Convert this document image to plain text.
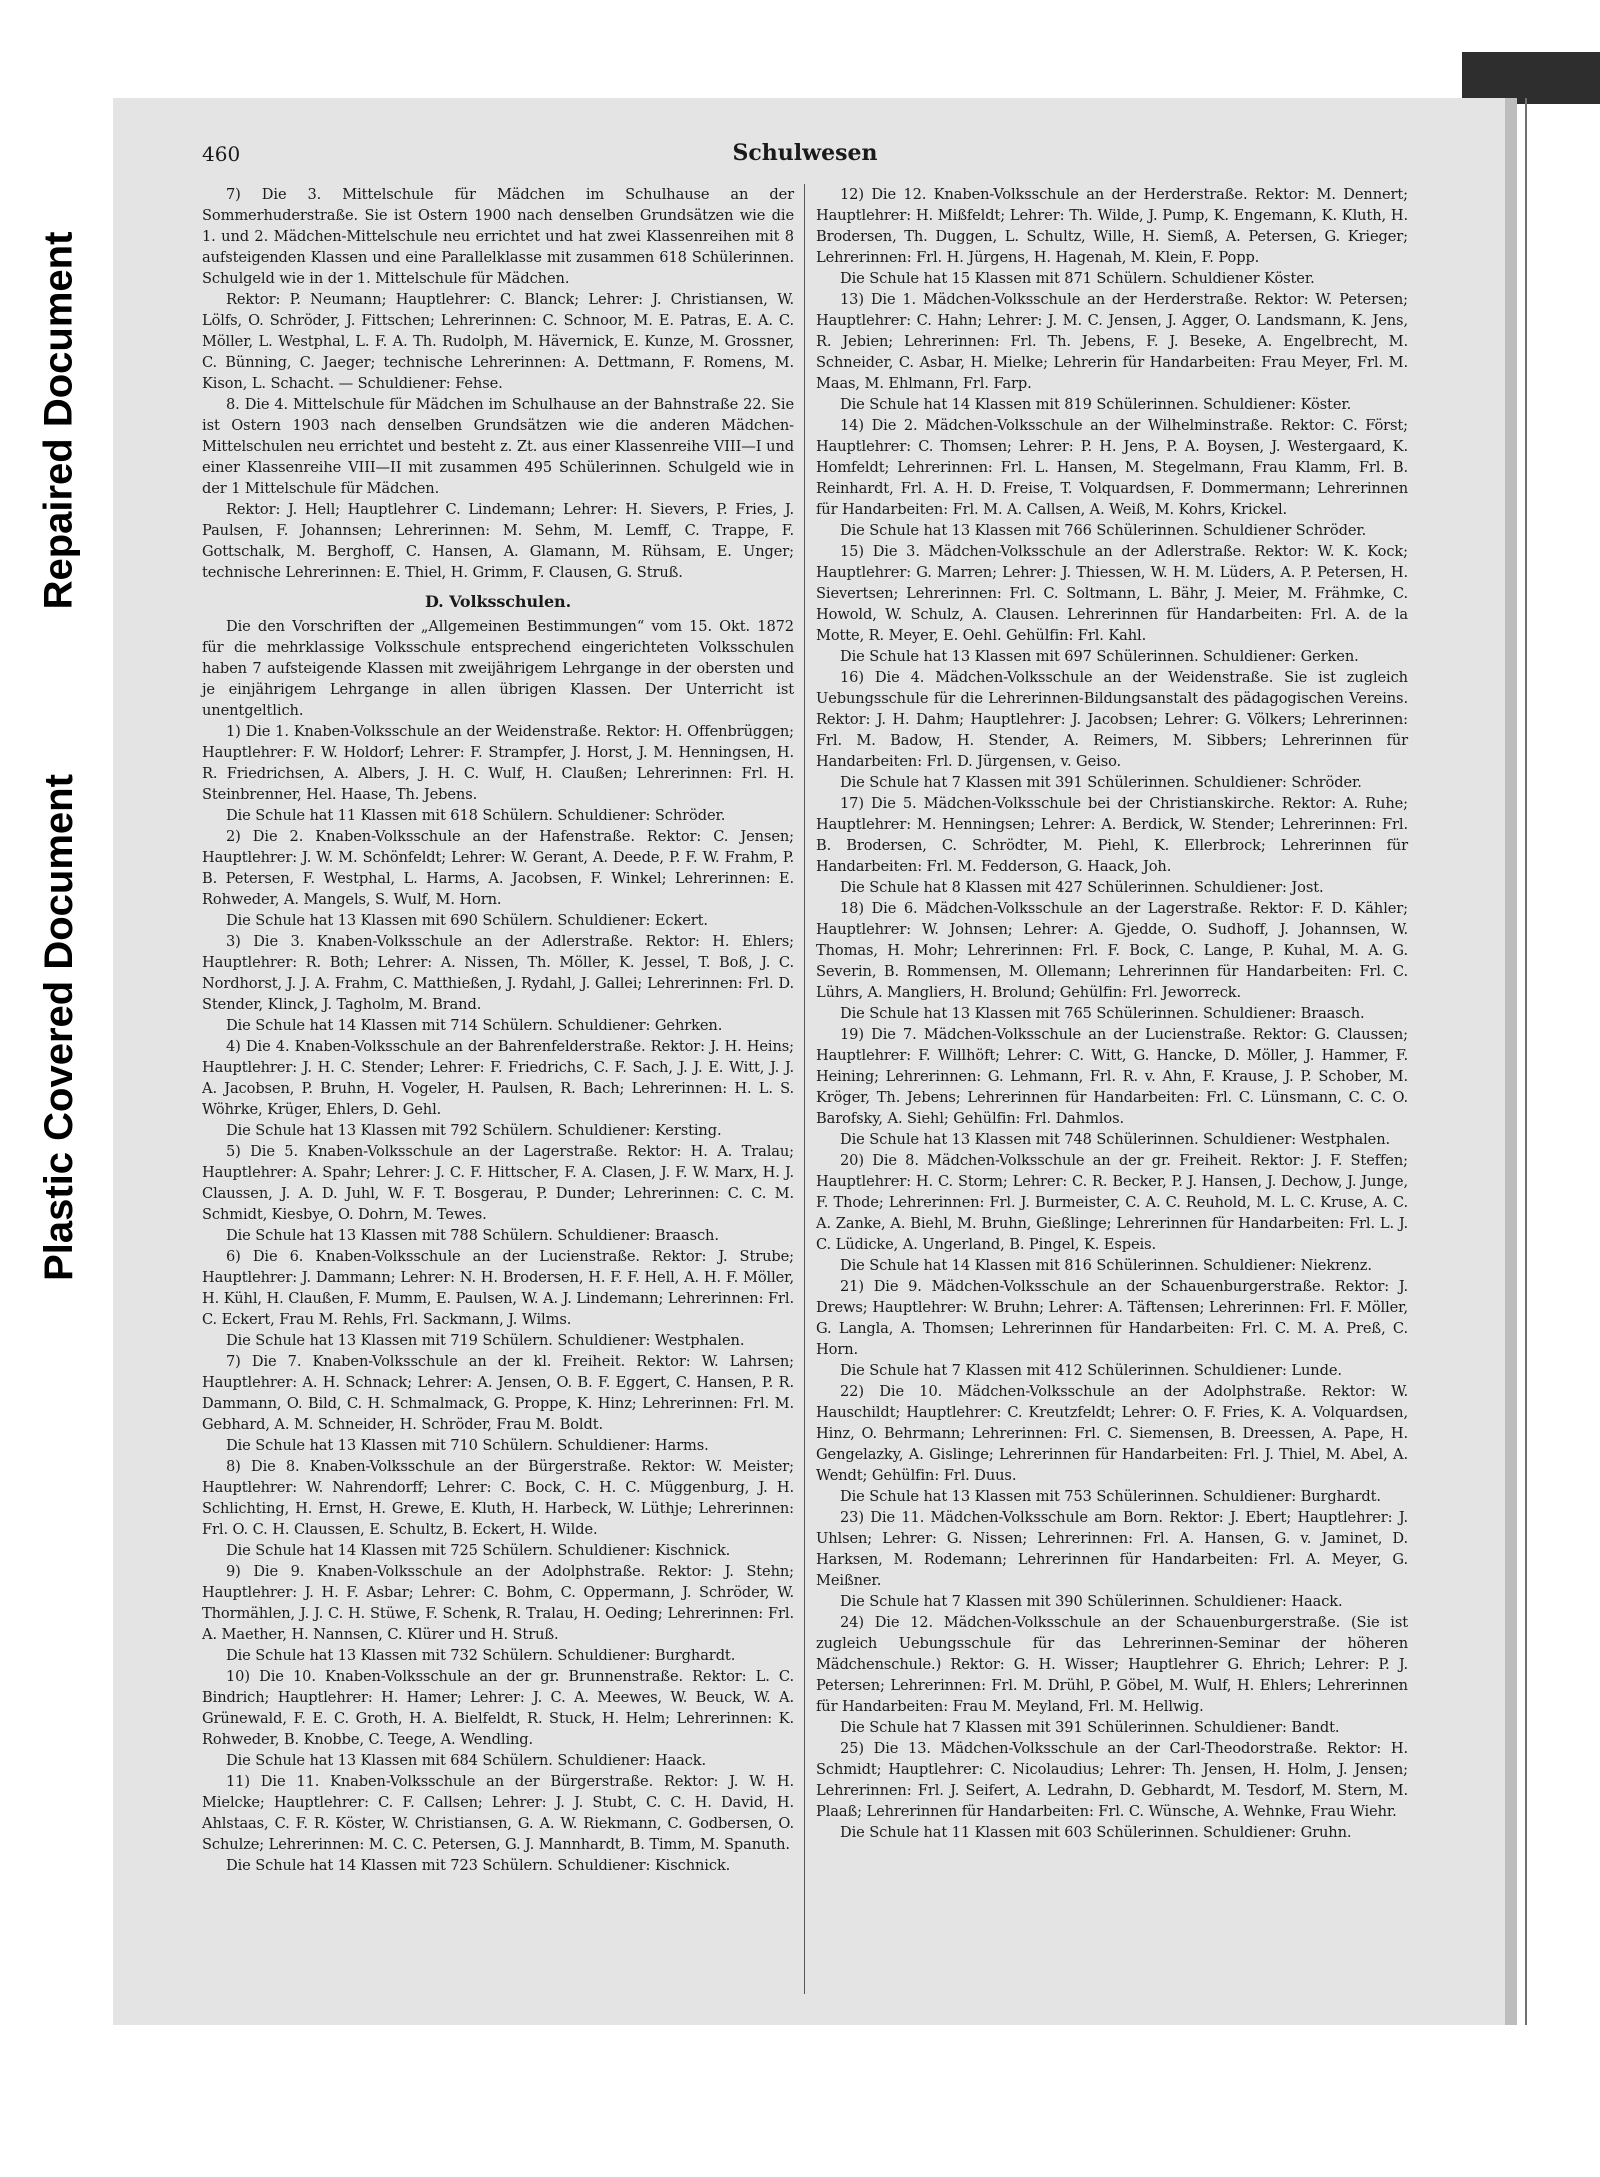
Repaired Document
Plastic Covered Document
460	Schulwesen

7) Die 3. Mittelschule für Mädchen im Schulhause an der Sommerhuderstraße. Sie ist Ostern 1900 nach denselben Grundsätzen wie die 1. und 2. Mädchen-Mittelschule neu errichtet und hat zwei Klassenreihen mit 8 aufsteigenden Klassen und eine Parallelklasse mit zusammen 618 Schülerinnen. Schulgeld wie in der 1. Mittelschule für Mädchen.

Rektor: P. Neumann; Hauptlehrer: C. Blanck; Lehrer: J. Christiansen, W. Lölfs, O. Schröder, J. Fittschen; Lehrerinnen: C. Schnoor, M. E. Patras, E. A. C. Möller, L. Westphal, L. F. A. Th. Rudolph, M. Hävernick, E. Kunze, M. Grossner, C. Bünning, C. Jaeger; technische Lehrerinnen: A. Dettmann, F. Romens, M. Kison, L. Schacht. — Schuldiener: Fehse.

8. Die 4. Mittelschule für Mädchen im Schulhause an der Bahnstraße 22. Sie ist Ostern 1903 nach denselben Grundsätzen wie die anderen Mädchen-Mittelschulen neu errichtet und besteht z. Zt. aus einer Klassenreihe VIII—I und einer Klassenreihe VIII—II mit zusammen 495 Schülerinnen. Schulgeld wie in der 1 Mittelschule für Mädchen.

Rektor: J. Hell; Hauptlehrer C. Lindemann; Lehrer: H. Sievers, P. Fries, J. Paulsen, F. Johannsen; Lehrerinnen: M. Sehm, M. Lemff, C. Trappe, F. Gottschalk, M. Berghoff, C. Hansen, A. Glamann, M. Rühsam, E. Unger; technische Lehrerinnen: E. Thiel, H. Grimm, F. Clausen, G. Struß.

D. Volksschulen.

Die den Vorschriften der „Allgemeinen Bestimmungen“ vom 15. Okt. 1872 für die mehrklassige Volksschule entsprechend eingerichteten Volksschulen haben 7 aufsteigende Klassen mit zweijährigem Lehrgange in der obersten und je einjährigem Lehrgange in allen übrigen Klassen. Der Unterricht ist unentgeltlich.

1) Die 1. Knaben-Volksschule an der Weidenstraße. Rektor: H. Offenbrüggen; Hauptlehrer: F. W. Holdorf; Lehrer: F. Strampfer, J. Horst, J. M. Henningsen, H. R. Friedrichsen, A. Albers, J. H. C. Wulf, H. Claußen; Lehrerinnen: Frl. H. Steinbrenner, Hel. Haase, Th. Jebens.

Die Schule hat 11 Klassen mit 618 Schülern. Schuldiener: Schröder.

2) Die 2. Knaben-Volksschule an der Hafenstraße. Rektor: C. Jensen; Hauptlehrer: J. W. M. Schönfeldt; Lehrer: W. Gerant, A. Deede, P. F. W. Frahm, P. B. Petersen, F. Westphal, L. Harms, A. Jacobsen, F. Winkel; Lehrerinnen: E. Rohweder, A. Mangels, S. Wulf, M. Horn.

Die Schule hat 13 Klassen mit 690 Schülern. Schuldiener: Eckert.

3) Die 3. Knaben-Volksschule an der Adlerstraße. Rektor: H. Ehlers; Hauptlehrer: R. Both; Lehrer: A. Nissen, Th. Möller, K. Jessel, T. Boß, J. C. Nordhorst, J. J. A. Frahm, C. Matthießen, J. Rydahl, J. Gallei; Lehrerinnen: Frl. D. Stender, Klinck, J. Tagholm, M. Brand.

Die Schule hat 14 Klassen mit 714 Schülern. Schuldiener: Gehrken.

4) Die 4. Knaben-Volksschule an der Bahrenfelderstraße. Rektor: J. H. Heins; Hauptlehrer: J. H. C. Stender; Lehrer: F. Friedrichs, C. F. Sach, J. J. E. Witt, J. J. A. Jacobsen, P. Bruhn, H. Vogeler, H. Paulsen, R. Bach; Lehrerinnen: H. L. S. Wöhrke, Krüger, Ehlers, D. Gehl.

Die Schule hat 13 Klassen mit 792 Schülern. Schuldiener: Kersting.

5) Die 5. Knaben-Volksschule an der Lagerstraße. Rektor: H. A. Tralau; Hauptlehrer: A. Spahr; Lehrer: J. C. F. Hittscher, F. A. Clasen, J. F. W. Marx, H. J. Claussen, J. A. D. Juhl, W. F. T. Bosgerau, P. Dunder; Lehrerinnen: C. C. M. Schmidt, Kiesbye, O. Dohrn, M. Tewes.

Die Schule hat 13 Klassen mit 788 Schülern. Schuldiener: Braasch.

6) Die 6. Knaben-Volksschule an der Lucienstraße. Rektor: J. Strube; Hauptlehrer: J. Dammann; Lehrer: N. H. Brodersen, H. F. F. Hell, A. H. F. Möller, H. Kühl, H. Claußen, F. Mumm, E. Paulsen, W. A. J. Lindemann; Lehrerinnen: Frl. C. Eckert, Frau M. Rehls, Frl. Sackmann, J. Wilms.

Die Schule hat 13 Klassen mit 719 Schülern. Schuldiener: Westphalen.

7) Die 7. Knaben-Volksschule an der kl. Freiheit. Rektor: W. Lahrsen; Hauptlehrer: A. H. Schnack; Lehrer: A. Jensen, O. B. F. Eggert, C. Hansen, P. R. Dammann, O. Bild, C. H. Schmalmack, G. Proppe, K. Hinz; Lehrerinnen: Frl. M. Gebhard, A. M. Schneider, H. Schröder, Frau M. Boldt.

Die Schule hat 13 Klassen mit 710 Schülern. Schuldiener: Harms.

8) Die 8. Knaben-Volksschule an der Bürgerstraße. Rektor: W. Meister; Hauptlehrer: W. Nahrendorff; Lehrer: C. Bock, C. H. C. Müggenburg, J. H. Schlichting, H. Ernst, H. Grewe, E. Kluth, H. Harbeck, W. Lüthje; Lehrerinnen: Frl. O. C. H. Claussen, E. Schultz, B. Eckert, H. Wilde.

Die Schule hat 14 Klassen mit 725 Schülern. Schuldiener: Kischnick.

9) Die 9. Knaben-Volksschule an der Adolphstraße. Rektor: J. Stehn; Hauptlehrer: J. H. F. Asbar; Lehrer: C. Bohm, C. Oppermann, J. Schröder, W. Thormählen, J. J. C. H. Stüwe, F. Schenk, R. Tralau, H. Oeding; Lehrerinnen: Frl. A. Maether, H. Nannsen, C. Klürer und H. Struß.

Die Schule hat 13 Klassen mit 732 Schülern. Schuldiener: Burghardt.

10) Die 10. Knaben-Volksschule an der gr. Brunnenstraße. Rektor: L. C. Bindrich; Hauptlehrer: H. Hamer; Lehrer: J. C. A. Meewes, W. Beuck, W. A. Grünewald, F. E. C. Groth, H. A. Bielfeldt, R. Stuck, H. Helm; Lehrerinnen: K. Rohweder, B. Knobbe, C. Teege, A. Wendling.

Die Schule hat 13 Klassen mit 684 Schülern. Schuldiener: Haack.

11) Die 11. Knaben-Volksschule an der Bürgerstraße. Rektor: J. W. H. Mielcke; Hauptlehrer: C. F. Callsen; Lehrer: J. J. Stubt, C. C. H. David, H. Ahlstaas, C. F. R. Köster, W. Christiansen, G. A. W. Riekmann, C. Godbersen, O. Schulze; Lehrerinnen: M. C. C. Petersen, G. J. Mannhardt, B. Timm, M. Spanuth.

Die Schule hat 14 Klassen mit 723 Schülern. Schuldiener: Kischnick.

12) Die 12. Knaben-Volksschule an der Herderstraße. Rektor: M. Dennert; Hauptlehrer: H. Mißfeldt; Lehrer: Th. Wilde, J. Pump, K. Engemann, K. Kluth, H. Brodersen, Th. Duggen, L. Schultz, Wille, H. Siemß, A. Petersen, G. Krieger; Lehrerinnen: Frl. H. Jürgens, H. Hagenah, M. Klein, F. Popp.

Die Schule hat 15 Klassen mit 871 Schülern. Schuldiener Köster.

13) Die 1. Mädchen-Volksschule an der Herderstraße. Rektor: W. Petersen; Hauptlehrer: C. Hahn; Lehrer: J. M. C. Jensen, J. Agger, O. Landsmann, K. Jens, R. Jebien; Lehrerinnen: Frl. Th. Jebens, F. J. Beseke, A. Engelbrecht, M. Schneider, C. Asbar, H. Mielke; Lehrerin für Handarbeiten: Frau Meyer, Frl. M. Maas, M. Ehlmann, Frl. Farp.

Die Schule hat 14 Klassen mit 819 Schülerinnen. Schuldiener: Köster.

14) Die 2. Mädchen-Volksschule an der Wilhelminstraße. Rektor: C. Först; Hauptlehrer: C. Thomsen; Lehrer: P. H. Jens, P. A. Boysen, J. Westergaard, K. Homfeldt; Lehrerinnen: Frl. L. Hansen, M. Stegelmann, Frau Klamm, Frl. B. Reinhardt, Frl. A. H. D. Freise, T. Volquardsen, F. Dommermann; Lehrerinnen für Handarbeiten: Frl. M. A. Callsen, A. Weiß, M. Kohrs, Krickel.

Die Schule hat 13 Klassen mit 766 Schülerinnen. Schuldiener Schröder.

15) Die 3. Mädchen-Volksschule an der Adlerstraße. Rektor: W. K. Kock; Hauptlehrer: G. Marren; Lehrer: J. Thiessen, W. H. M. Lüders, A. P. Petersen, H. Sievertsen; Lehrerinnen: Frl. C. Soltmann, L. Bähr, J. Meier, M. Frähmke, C. Howold, W. Schulz, A. Clausen. Lehrerinnen für Handarbeiten: Frl. A. de la Motte, R. Meyer, E. Oehl. Gehülfin: Frl. Kahl.

Die Schule hat 13 Klassen mit 697 Schülerinnen. Schuldiener: Gerken.

16) Die 4. Mädchen-Volksschule an der Weidenstraße. Sie ist zugleich Uebungsschule für die Lehrerinnen-Bildungsanstalt des pädagogischen Vereins. Rektor: J. H. Dahm; Hauptlehrer: J. Jacobsen; Lehrer: G. Völkers; Lehrerinnen: Frl. M. Badow, H. Stender, A. Reimers, M. Sibbers; Lehrerinnen für Handarbeiten: Frl. D. Jürgensen, v. Geiso.

Die Schule hat 7 Klassen mit 391 Schülerinnen. Schuldiener: Schröder.

17) Die 5. Mädchen-Volksschule bei der Christianskirche. Rektor: A. Ruhe; Hauptlehrer: M. Henningsen; Lehrer: A. Berdick, W. Stender; Lehrerinnen: Frl. B. Brodersen, C. Schrödter, M. Piehl, K. Ellerbrock; Lehrerinnen für Handarbeiten: Frl. M. Fedderson, G. Haack, Joh.

Die Schule hat 8 Klassen mit 427 Schülerinnen. Schuldiener: Jost.

18) Die 6. Mädchen-Volksschule an der Lagerstraße. Rektor: F. D. Kähler; Hauptlehrer: W. Johnsen; Lehrer: A. Gjedde, O. Sudhoff, J. Johannsen, W. Thomas, H. Mohr; Lehrerinnen: Frl. F. Bock, C. Lange, P. Kuhal, M. A. G. Severin, B. Rommensen, M. Ollemann; Lehrerinnen für Handarbeiten: Frl. C. Lührs, A. Mangliers, H. Brolund; Gehülfin: Frl. Jeworreck.

Die Schule hat 13 Klassen mit 765 Schülerinnen. Schuldiener: Braasch.

19) Die 7. Mädchen-Volksschule an der Lucienstraße. Rektor: G. Claussen; Hauptlehrer: F. Willhöft; Lehrer: C. Witt, G. Hancke, D. Möller, J. Hammer, F. Heining; Lehrerinnen: G. Lehmann, Frl. R. v. Ahn, F. Krause, J. P. Schober, M. Kröger, Th. Jebens; Lehrerinnen für Handarbeiten: Frl. C. Lünsmann, C. C. O. Barofsky, A. Siehl; Gehülfin: Frl. Dahmlos.

Die Schule hat 13 Klassen mit 748 Schülerinnen. Schuldiener: Westphalen.

20) Die 8. Mädchen-Volksschule an der gr. Freiheit. Rektor: J. F. Steffen; Hauptlehrer: H. C. Storm; Lehrer: C. R. Becker, P. J. Hansen, J. Dechow, J. Junge, F. Thode; Lehrerinnen: Frl. J. Burmeister, C. A. C. Reuhold, M. L. C. Kruse, A. C. A. Zanke, A. Biehl, M. Bruhn, Gießlinge; Lehrerinnen für Handarbeiten: Frl. L. J. C. Lüdicke, A. Ungerland, B. Pingel, K. Espeis.

Die Schule hat 14 Klassen mit 816 Schülerinnen. Schuldiener: Niekrenz.

21) Die 9. Mädchen-Volksschule an der Schauenburgerstraße. Rektor: J. Drews; Hauptlehrer: W. Bruhn; Lehrer: A. Täftensen; Lehrerinnen: Frl. F. Möller, G. Langla, A. Thomsen; Lehrerinnen für Handarbeiten: Frl. C. M. A. Preß, C. Horn.

Die Schule hat 7 Klassen mit 412 Schülerinnen. Schuldiener: Lunde.

22) Die 10. Mädchen-Volksschule an der Adolphstraße. Rektor: W. Hauschildt; Hauptlehrer: C. Kreutzfeldt; Lehrer: O. F. Fries, K. A. Volquardsen, Hinz, O. Behrmann; Lehrerinnen: Frl. C. Siemensen, B. Dreessen, A. Pape, H. Gengelazky, A. Gislinge; Lehrerinnen für Handarbeiten: Frl. J. Thiel, M. Abel, A. Wendt; Gehülfin: Frl. Duus.

Die Schule hat 13 Klassen mit 753 Schülerinnen. Schuldiener: Burghardt.

23) Die 11. Mädchen-Volksschule am Born. Rektor: J. Ebert; Hauptlehrer: J. Uhlsen; Lehrer: G. Nissen; Lehrerinnen: Frl. A. Hansen, G. v. Jaminet, D. Harksen, M. Rodemann; Lehrerinnen für Handarbeiten: Frl. A. Meyer, G. Meißner.

Die Schule hat 7 Klassen mit 390 Schülerinnen. Schuldiener: Haack.

24) Die 12. Mädchen-Volksschule an der Schauenburgerstraße. (Sie ist zugleich Uebungsschule für das Lehrerinnen-Seminar der höheren Mädchenschule.) Rektor: G. H. Wisser; Hauptlehrer G. Ehrich; Lehrer: P. J. Petersen; Lehrerinnen: Frl. M. Drühl, P. Göbel, M. Wulf, H. Ehlers; Lehrerinnen für Handarbeiten: Frau M. Meyland, Frl. M. Hellwig.

Die Schule hat 7 Klassen mit 391 Schülerinnen. Schuldiener: Bandt.

25) Die 13. Mädchen-Volksschule an der Carl-Theodorstraße. Rektor: H. Schmidt; Hauptlehrer: C. Nicolaudius; Lehrer: Th. Jensen, H. Holm, J. Jensen; Lehrerinnen: Frl. J. Seifert, A. Ledrahn, D. Gebhardt, M. Tesdorf, M. Stern, M. Plaaß; Lehrerinnen für Handarbeiten: Frl. C. Wünsche, A. Wehnke, Frau Wiehr.

Die Schule hat 11 Klassen mit 603 Schülerinnen. Schuldiener: Gruhn.
